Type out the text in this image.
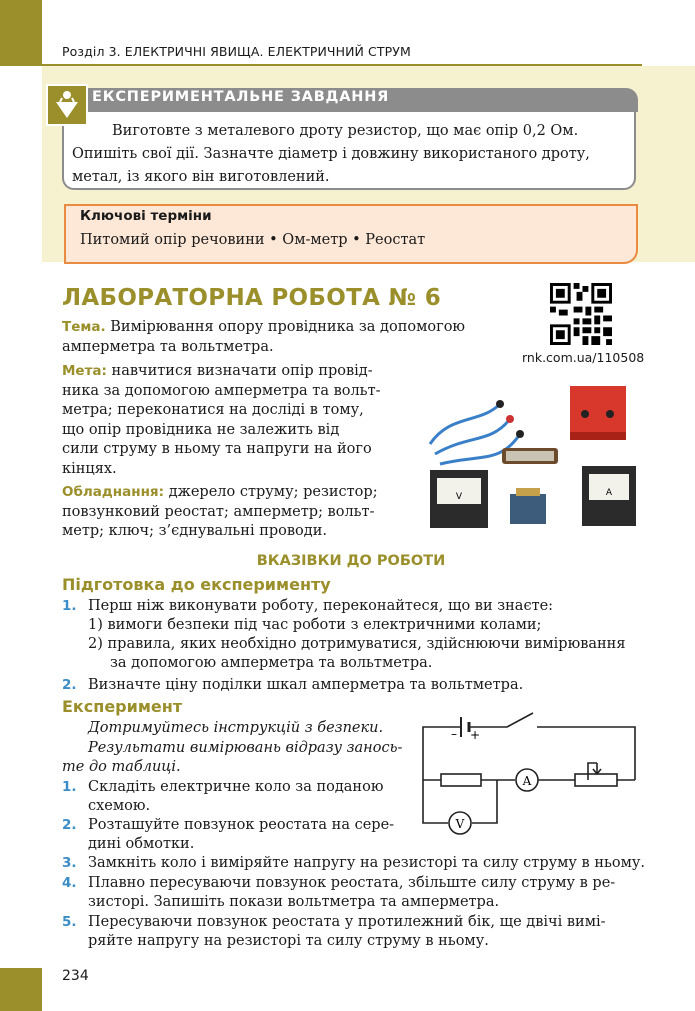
Розділ 3. ЕЛЕКТРИЧНІ ЯВИЩА. ЕЛЕКТРИЧНИЙ СТРУМ
ЕКСПЕРИМЕНТАЛЬНЕ ЗАВДАННЯ
Виготовте з металевого дроту резистор, що має опір 0,2 Ом.
Опишіть свої дії. Зазначте діаметр і довжину використаного дроту,
метал, із якого він виготовлений.
Ключові терміни
Питомий опір речовини • Ом-метр • Реостат
ЛАБОРАТОРНА РОБОТА № 6
rnk.com.ua/110508
Тема. Вимірювання опору провідника за допомогою
амперметра та вольтметра.
Мета: навчитися визначати опір провід-
ника за допомогою амперметра та вольт-
метра; переконатися на досліді в тому,
що опір провідника не залежить від
сили струму в ньому та напруги на його
кінцях.
Обладнання: джерело струму; резистор;
повзунковий реостат; амперметр; вольт-
метр; ключ; з’єднувальні проводи.
V	A
ВКАЗІВКИ ДО РОБОТИ
Підготовка до експерименту
1. Перш ніж виконувати роботу, переконайтеся, що ви знаєте:
1) вимоги безпеки під час роботи з електричними колами;
2) правила, яких необхідно дотримуватися, здійснюючи вимірювання
за допомогою амперметра та вольтметра.
2. Визначте ціну поділки шкал амперметра та вольтметра.
Експеримент
Дотримуйтесь інструкцій з безпеки.
Результати вимірювань відразу занось-
те до таблиці.
1. Складіть електричне коло за поданою
схемою.
2. Розташуйте повзунок реостата на сере-
дині обмотки.
3. Замкніть коло і виміряйте напругу на резисторі та силу струму в ньому.
4. Плавно пересуваючи повзунок реостата, збільште силу струму в ре-
зисторі. Запишіть покази вольтметра та амперметра.
5. Пересуваючи повзунок реостата у протилежний бік, ще двічі вимі-
ряйте напругу на резисторі та силу струму в ньому.
– +
A
V
234
